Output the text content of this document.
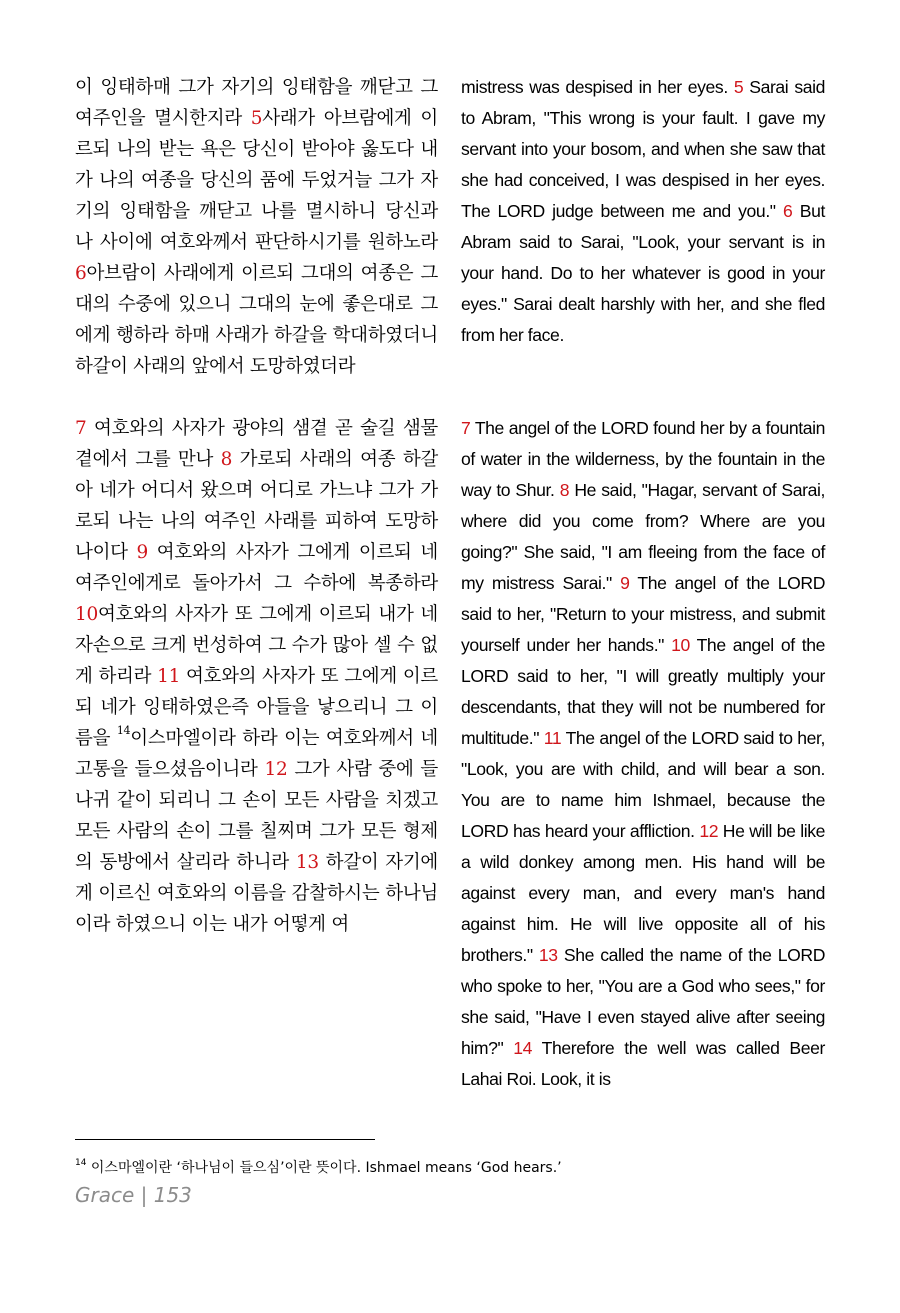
이 잉태하매 그가 자기의 잉태함을 깨닫고 그 여주인을 멸시한지라 5사래가 아브람에게 이르되 나의 받는 욕은 당신이 받아야 옳도다 내가 나의 여종을 당신의 품에 두었거늘 그가 자기의 잉태함을 깨닫고 나를 멸시하니 당신과 나 사이에 여호와께서 판단하시기를 원하노라 6아브람이 사래에게 이르되 그대의 여종은 그대의 수중에 있으니 그대의 눈에 좋은대로 그에게 행하라 하매 사래가 하갈을 학대하였더니 하갈이 사래의 앞에서 도망하였더라

7 여호와의 사자가 광야의 샘곁 곧 술길 샘물 곁에서 그를 만나 8 가로되 사래의 여종 하갈아 네가 어디서 왔으며 어디로 가느냐 그가 가로되 나는 나의 여주인 사래를 피하여 도망하나이다 9 여호와의 사자가 그에게 이르되 네 여주인에게로 돌아가서 그 수하에 복종하라 10여호와의 사자가 또 그에게 이르되 내가 네 자손으로 크게 번성하여 그 수가 많아 셀 수 없게 하리라 11 여호와의 사자가 또 그에게 이르되 네가 잉태하였은즉 아들을 낳으리니 그 이름을 $^{14}$이스마엘이라 하라 이는 여호와께서 네 고통을 들으셨음이니라 12 그가 사람 중에 들나귀 같이 되리니 그 손이 모든 사람을 치겠고 모든 사람의 손이 그를 칠찌며 그가 모든 형제의 동방에서 살리라 하니라 13 하갈이 자기에게 이르신 여호와의 이름을 감찰하시는 하나님이라 하였으니 이는 내가 어떻게 여

mistress was despised in her eyes. 5 Sarai said to Abram, "This wrong is your fault. I gave my servant into your bosom, and when she saw that she had conceived, I was despised in her eyes. The LORD judge between me and you." 6 But Abram said to Sarai, "Look, your servant is in your hand. Do to her whatever is good in your eyes." Sarai dealt harshly with her, and she fled from her face.

7 The angel of the LORD found her by a fountain of water in the wilderness, by the fountain in the way to Shur. 8 He said, "Hagar, servant of Sarai, where did you come from? Where are you going?" She said, "I am fleeing from the face of my mistress Sarai." 9 The angel of the LORD said to her, "Return to your mistress, and submit yourself under her hands." 10 The angel of the LORD said to her, "I will greatly multiply your descendants, that they will not be numbered for multitude." 11 The angel of the LORD said to her, "Look, you are with child, and will bear a son. You are to name him Ishmael, because the LORD has heard your affliction. 12 He will be like a wild donkey among men. His hand will be against every man, and every man's hand against him. He will live opposite all of his brothers." 13 She called the name of the LORD who spoke to her, "You are a God who sees," for she said, "Have I even stayed alive after seeing him?" 14 Therefore the well was called Beer Lahai Roi. Look, it is

$^{14}$ 이스마엘이란 ‘하나님이 들으심’이란 뜻이다. Ishmael means ‘God hears.’
Grace | 153
